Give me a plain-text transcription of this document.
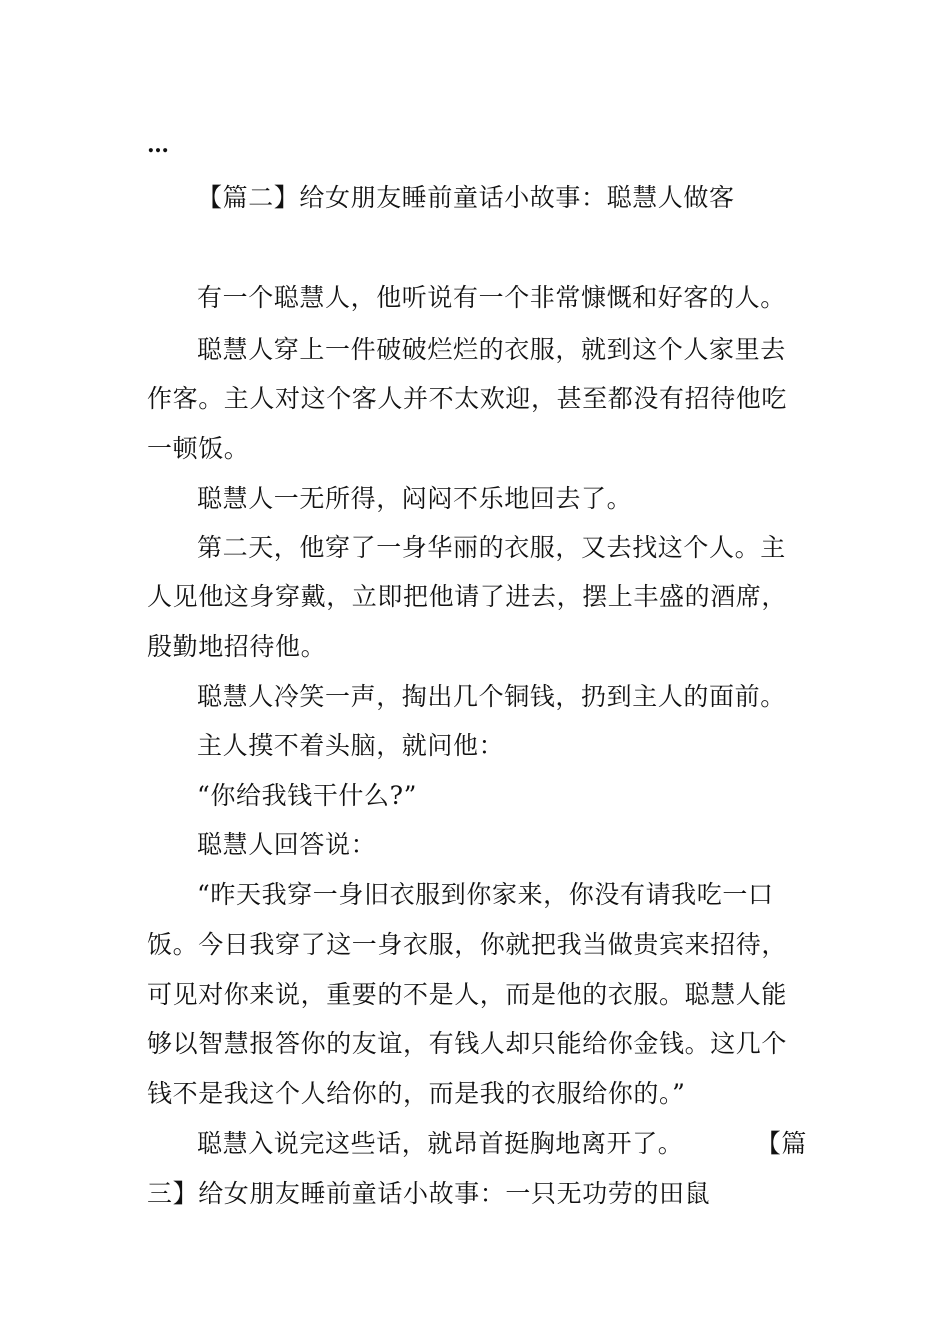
…
【篇二】给女朋友睡前童话小故事：聪慧人做客
有一个聪慧人，他听说有一个非常慷慨和好客的人。
聪慧人穿上一件破破烂烂的衣服，就到这个人家里去
作客。主人对这个客人并不太欢迎，甚至都没有招待他吃
一顿饭。
聪慧人一无所得，闷闷不乐地回去了。
第二天，他穿了一身华丽的衣服，又去找这个人。主
人见他这身穿戴，立即把他请了进去，摆上丰盛的酒席，
殷勤地招待他。
聪慧人冷笑一声，掏出几个铜钱，扔到主人的面前。
主人摸不着头脑，就问他：
“你给我钱干什么?”
聪慧人回答说：
“昨天我穿一身旧衣服到你家来，你没有请我吃一口
饭。今日我穿了这一身衣服，你就把我当做贵宾来招待，
可见对你来说，重要的不是人，而是他的衣服。聪慧人能
够以智慧报答你的友谊，有钱人却只能给你金钱。这几个
钱不是我这个人给你的，而是我的衣服给你的。”
聪慧入说完这些话，就昂首挺胸地离开了。	【篇
三】给女朋友睡前童话小故事：一只无功劳的田鼠
